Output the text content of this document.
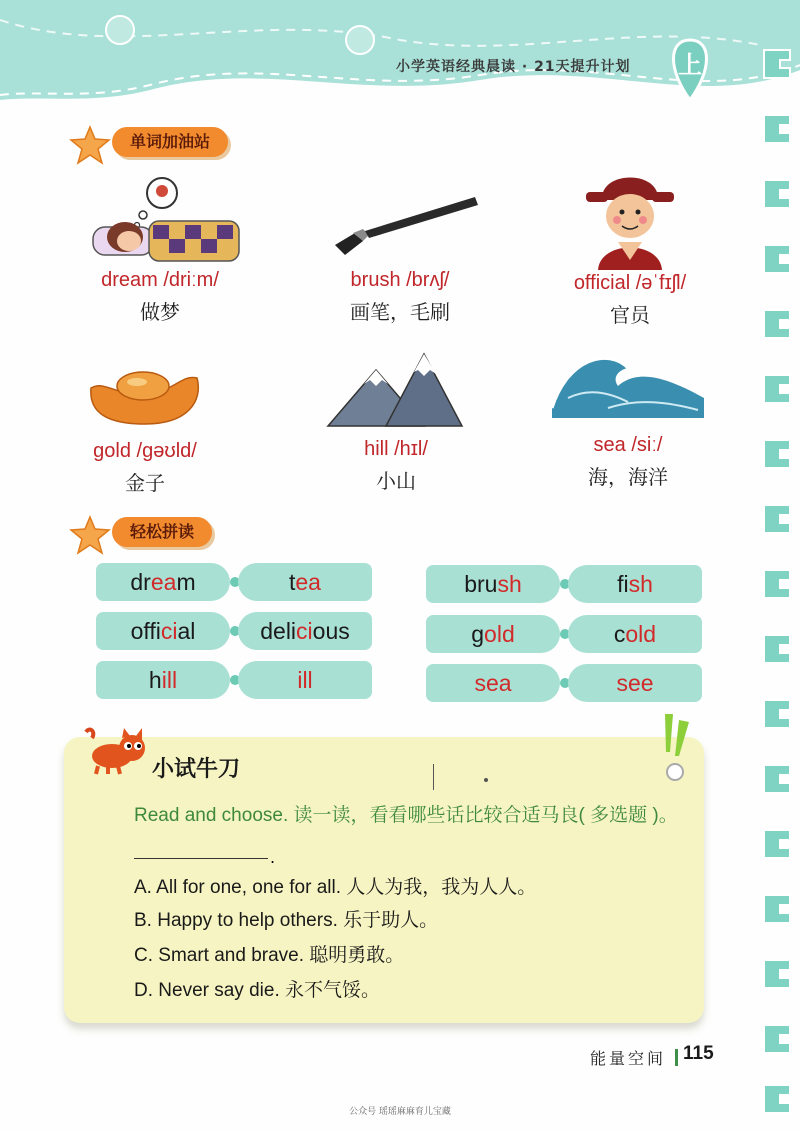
小学英语经典晨读 · 21天提升计划	上
单词加油站
dream /driːm/
做梦
brush /brʌʃ/
画笔，毛刷
official /əˈfɪʃl/
官员
gold /ɡəʊld/
金子
hill /hɪl/
小山
sea /siː/
海，海洋
轻松拼读
dream	tea	brush	fish
official	delicious	gold	cold
hill	ill	sea	see
小试牛刀
Read and choose. 读一读，看看哪些话比较合适马良( 多选题 )。
.
A. All for one, one for all. 人人为我，我为人人。
B. Happy to help others. 乐于助人。
C. Smart and brave. 聪明勇敢。
D. Never say die. 永不气馁。
能量空间 115
公众号 瑶瑶麻麻育儿宝藏
